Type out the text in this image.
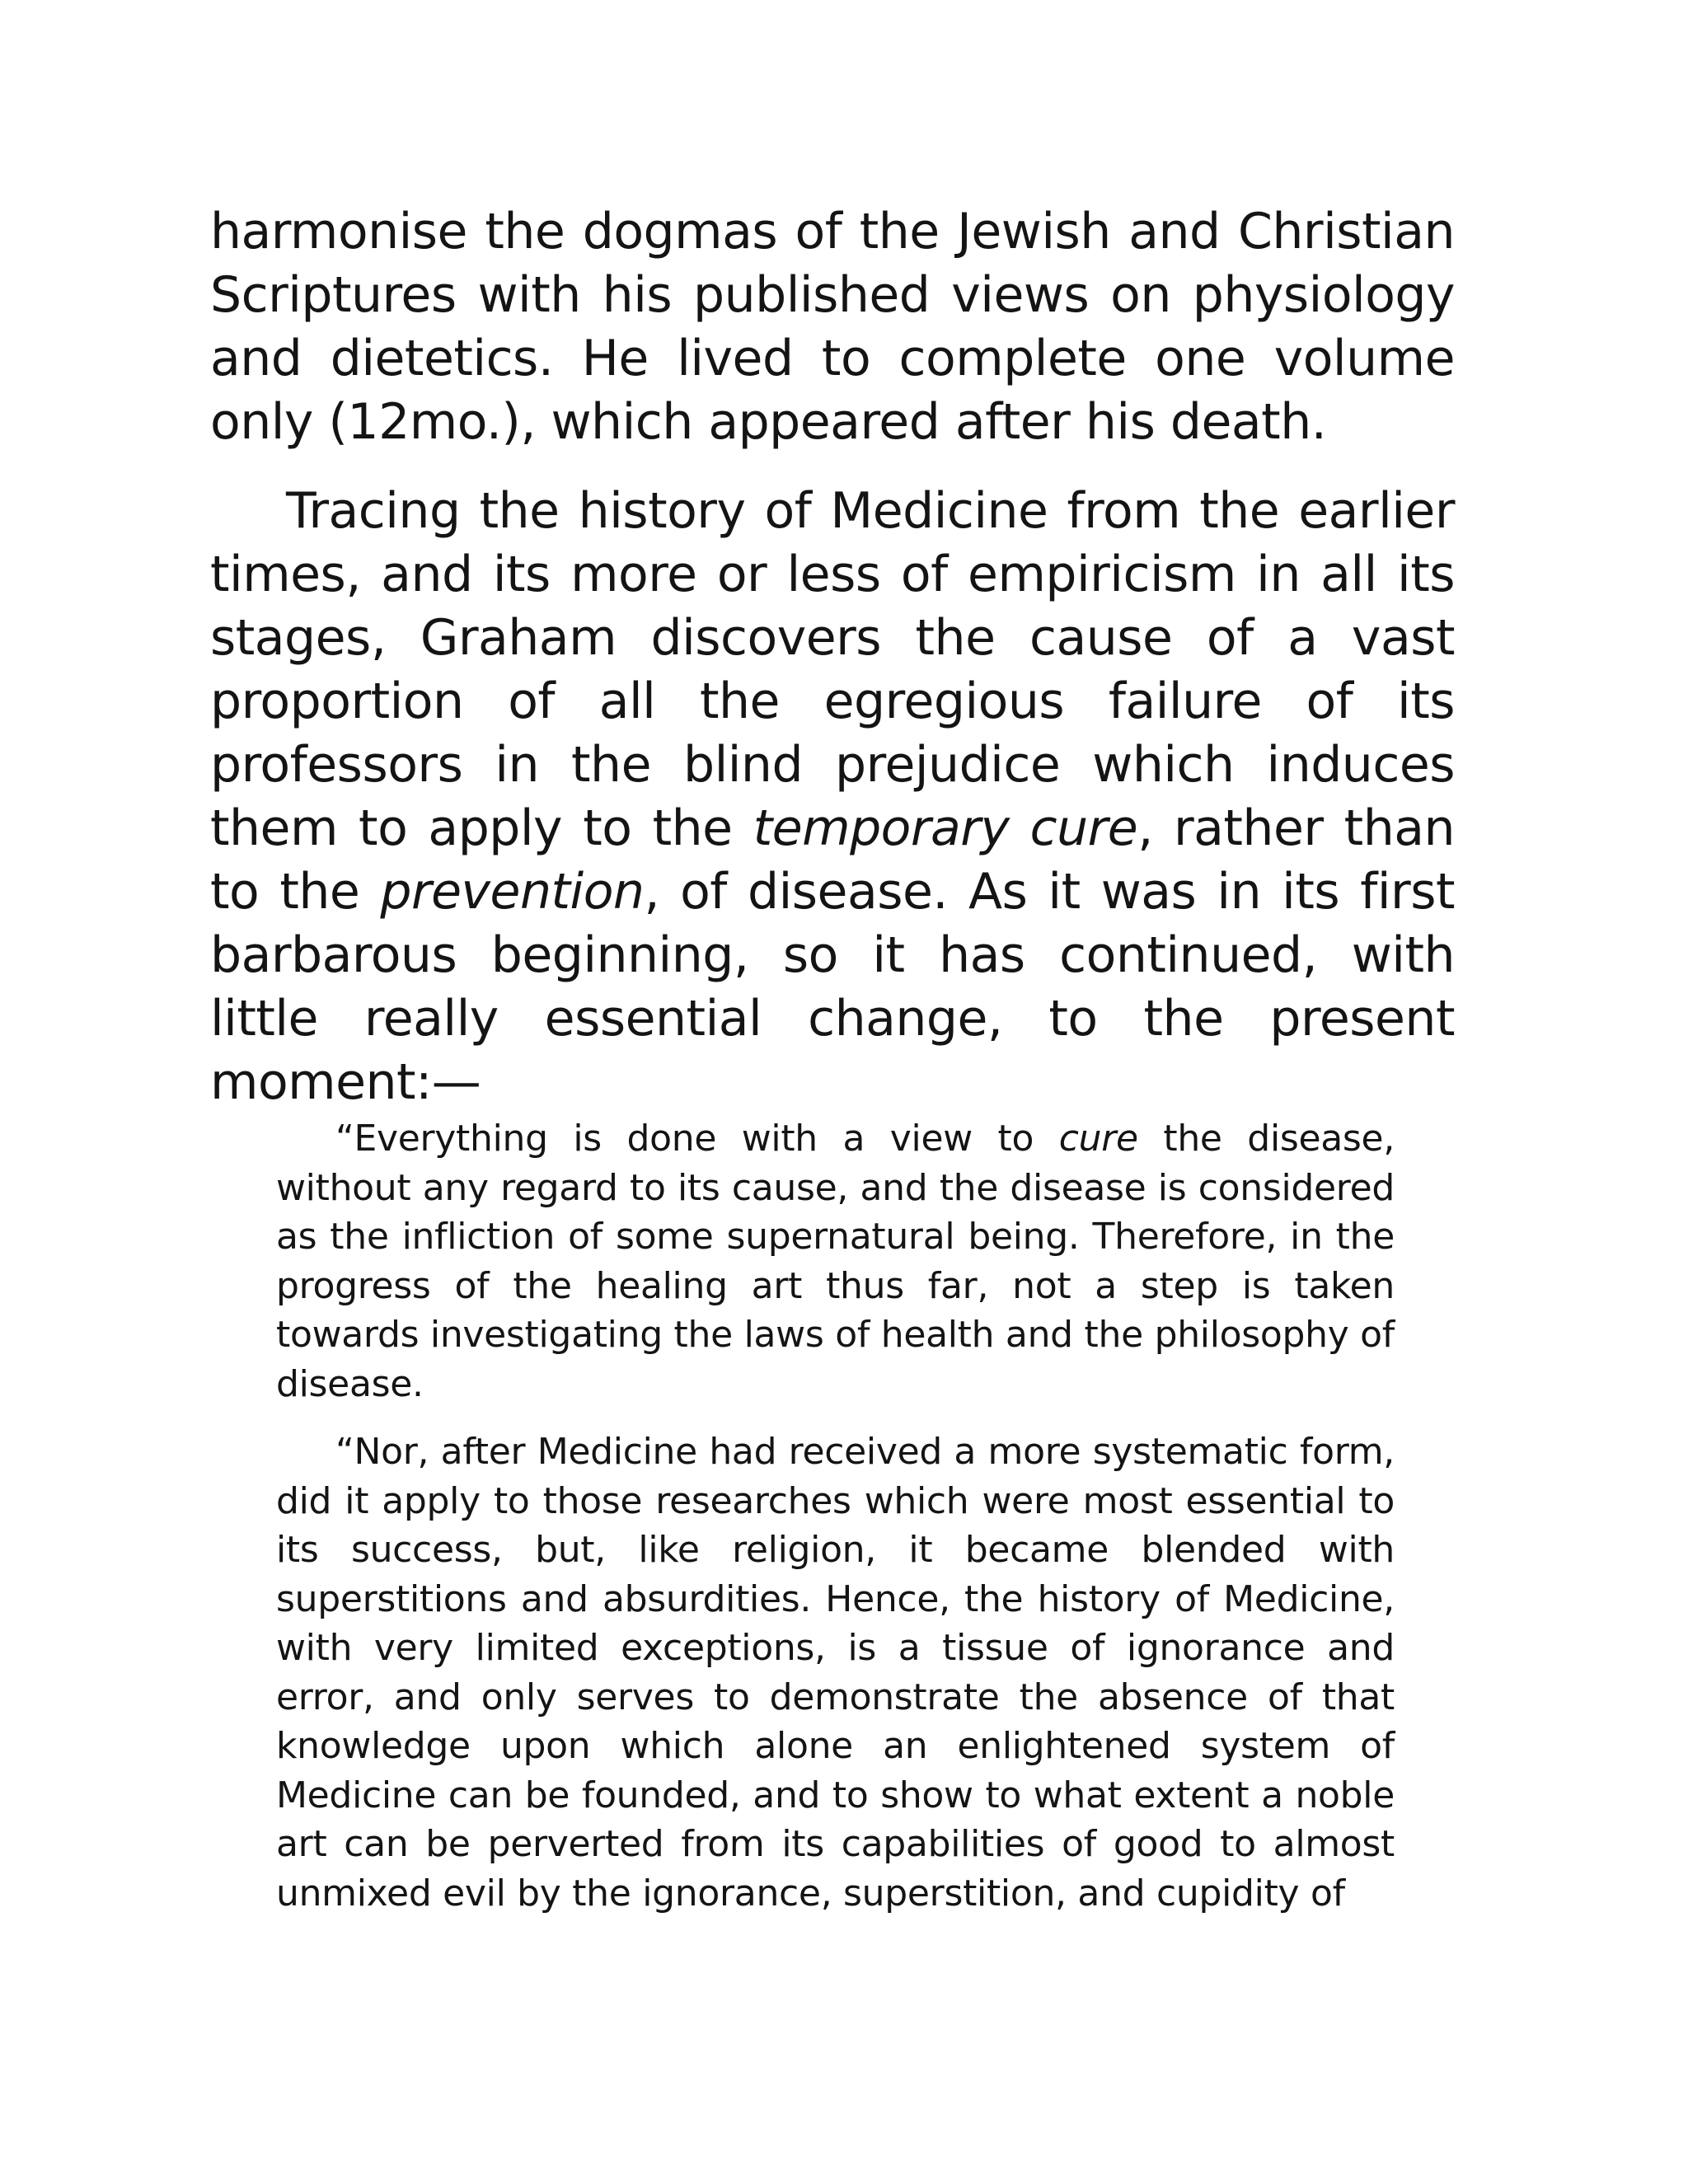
harmonise the dogmas of the Jewish and Christian Scriptures with his published views on physiology and dietetics. He lived to complete one volume only (12mo.), which appeared after his death.

Tracing the history of Medicine from the earlier times, and its more or less of empiricism in all its stages, Graham discovers the cause of a vast proportion of all the egregious failure of its professors in the blind prejudice which induces them to apply to the temporary cure, rather than to the prevention, of disease. As it was in its first barbarous beginning, so it has continued, with little really essential change, to the present moment:—

“Everything is done with a view to cure the disease, without any regard to its cause, and the disease is considered as the infliction of some supernatural being. Therefore, in the progress of the healing art thus far, not a step is taken towards investigating the laws of health and the philosophy of disease.

“Nor, after Medicine had received a more systematic form, did it apply to those researches which were most essential to its success, but, like religion, it became blended with superstitions and absurdities. Hence, the history of Medicine, with very limited exceptions, is a tissue of ignorance and error, and only serves to demonstrate the absence of that knowledge upon which alone an enlightened system of Medicine can be founded, and to show to what extent a noble art can be perverted from its capabilities of good to almost unmixed evil by the ignorance, superstition, and cupidity of
